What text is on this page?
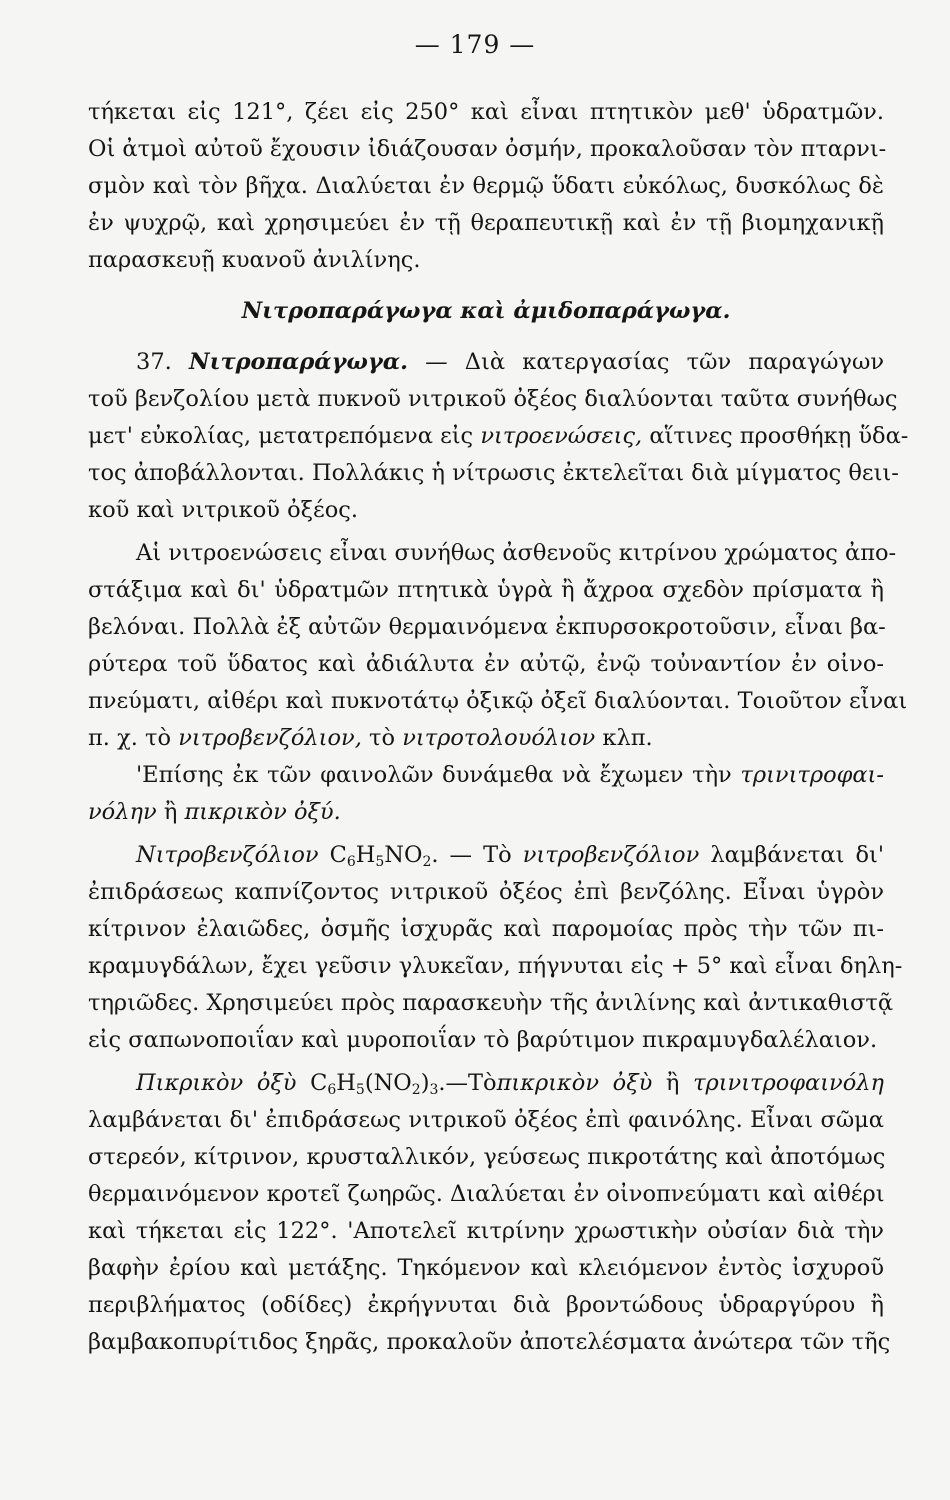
— 179 —
τήκεται εἰς 121°, ζέει εἰς 250° καὶ εἶναι πτητικὸν μεθ' ὑδρατμῶν.
Οἱ ἀτμοὶ αὐτοῦ ἔχουσιν ἰδιάζουσαν ὀσμήν, προκαλοῦσαν τὸν πταρνι-
σμὸν καὶ τὸν βῆχα. Διαλύεται ἐν θερμῷ ὕδατι εὐκόλως, δυσκόλως δὲ
ἐν ψυχρῷ, καὶ χρησιμεύει ἐν τῇ θεραπευτικῇ καὶ ἐν τῇ βιομηχανικῇ
παρασκευῇ κυανοῦ ἀνιλίνης.
Νιτροπαράγωγα καὶ ἀμιδοπαράγωγα.
37. Νιτροπαράγωγα. — Διὰ κατεργασίας τῶν παραγώγων
τοῦ βενζολίου μετὰ πυκνοῦ νιτρικοῦ ὀξέος διαλύονται ταῦτα συνήθως
μετ' εὐκολίας, μετατρεπόμενα εἰς νιτροενώσεις, αἵτινες προσθήκῃ ὕδα-
τος ἀποβάλλονται. Πολλάκις ἡ νίτρωσις ἐκτελεῖται διὰ μίγματος θειι-
κοῦ καὶ νιτρικοῦ ὀξέος.
Αἱ νιτροενώσεις εἶναι συνήθως ἀσθενοῦς κιτρίνου χρώματος ἀπο-
στάξιμα καὶ δι' ὑδρατμῶν πτητικὰ ὑγρὰ ἢ ἄχροα σχεδὸν πρίσματα ἢ
βελόναι. Πολλὰ ἐξ αὐτῶν θερμαινόμενα ἐκπυρσοκροτοῦσιν, εἶναι βα-
ρύτερα τοῦ ὕδατος καὶ ἀδιάλυτα ἐν αὐτῷ, ἐνῷ τοὐναντίον ἐν οἰνο-
πνεύματι, αἰθέρι καὶ πυκνοτάτῳ ὀξικῷ ὀξεῖ διαλύονται. Τοιοῦτον εἶναι
π. χ. τὸ νιτροβενζόλιον, τὸ νιτροτολουόλιον κλπ.
'Επίσης ἐκ τῶν φαινολῶν δυνάμεθα νὰ ἔχωμεν τὴν τρινιτροφαι-
νόλην ἢ πικρικὸν ὀξύ.
Νιτροβενζόλιον $C_6H_5NO_2$. — Τὸ νιτροβενζόλιον λαμβάνεται δι'
ἐπιδράσεως καπνίζοντος νιτρικοῦ ὀξέος ἐπὶ βενζόλης. Εἶναι ὑγρὸν
κίτρινον ἐλαιῶδες, ὀσμῆς ἰσχυρᾶς καὶ παρομοίας πρὸς τὴν τῶν πι-
κραμυγδάλων, ἔχει γεῦσιν γλυκεῖαν, πήγνυται εἰς + 5° καὶ εἶναι δηλη-
τηριῶδες. Χρησιμεύει πρὸς παρασκευὴν τῆς ἀνιλίνης καὶ ἀντικαθιστᾷ
εἰς σαπωνοποιΐαν καὶ μυροποιΐαν τὸ βαρύτιμον πικραμυγδαλέλαιον.
Πικρικὸν ὀξὺ $C_6H_5(NO_2)_3.—Tὸ\pi\iota\kappa\rho\iota\kappa ὸ\nu$ ὀξὺ ἢ τρινιτροφαινόλη
λαμβάνεται δι' ἐπιδράσεως νιτρικοῦ ὀξέος ἐπὶ φαινόλης. Εἶναι σῶμα
στερεόν, κίτρινον, κρυσταλλικόν, γεύσεως πικροτάτης καὶ ἀποτόμως
θερμαινόμενον κροτεῖ ζωηρῶς. Διαλύεται ἐν οἰνοπνεύματι καὶ αἰθέρι
καὶ τήκεται εἰς 122°. 'Αποτελεῖ κιτρίνην χρωστικὴν οὐσίαν διὰ τὴν
βαφὴν ἐρίου καὶ μετάξης. Τηκόμενον καὶ κλειόμενον ἐντὸς ἰσχυροῦ
περιβλήματος (οδίδες) ἐκρήγνυται διὰ βροντώδους ὑδραργύρου ἢ
βαμβακοπυρίτιδος ξηρᾶς, προκαλοῦν ἀποτελέσματα ἀνώτερα τῶν τῆς
